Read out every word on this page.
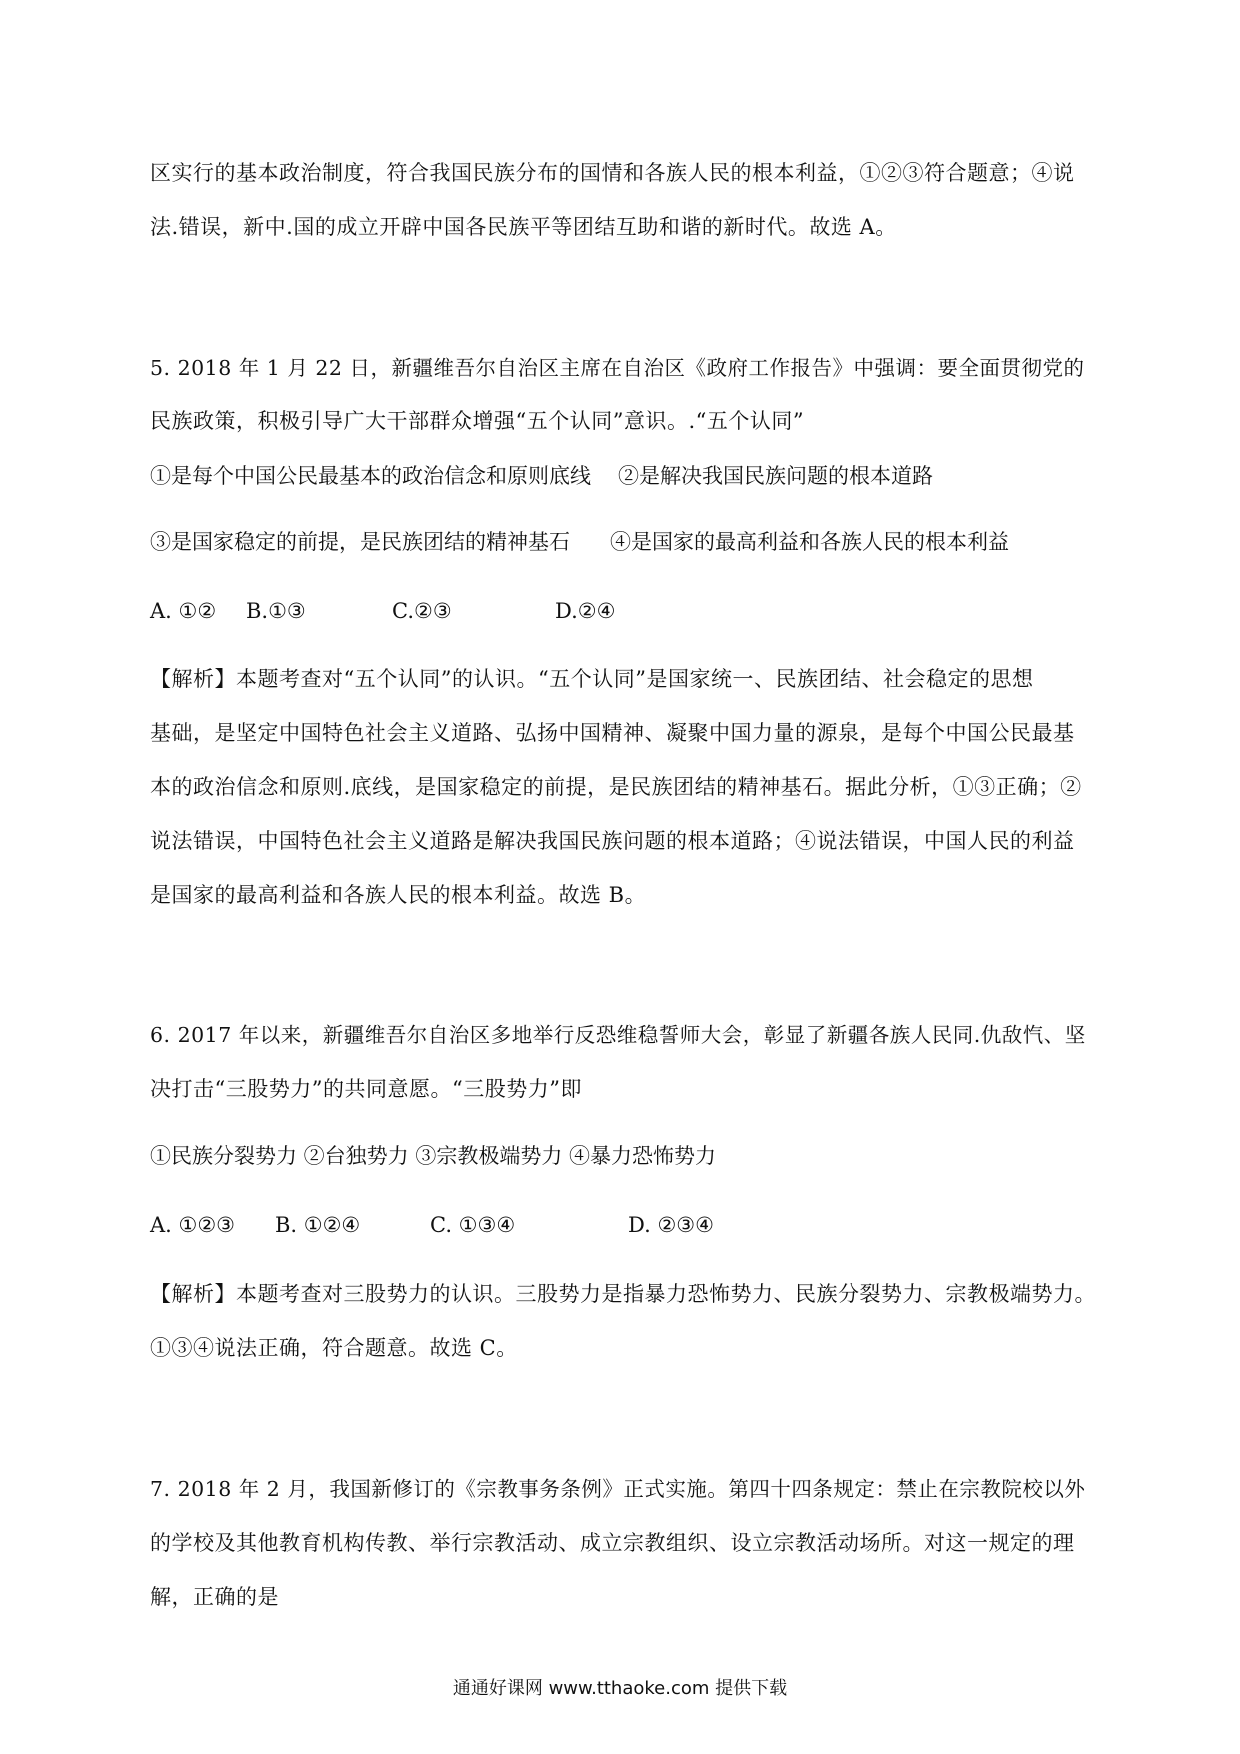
区实行的基本政治制度，符合我国民族分布的国情和各族人民的根本利益，①②③符合题意；④说
法.错误，新中.国的成立开辟中国各民族平等团结互助和谐的新时代。故选 A。
5. 2018 年 1 月 22 日，新疆维吾尔自治区主席在自治区《政府工作报告》中强调：要全面贯彻党的
民族政策，积极引导广大干部群众增强“五个认同”意识。.“五个认同”
①是每个中国公民最基本的政治信念和原则底线 ②是解决我国民族问题的根本道路
③是国家稳定的前提，是民族团结的精神基石 ④是国家的最高利益和各族人民的根本利益
A. ①② B.①③	C.②③	D.②④
【解析】本题考查对“五个认同”的认识。“五个认同”是国家统一、民族团结、社会稳定的思想
基础，是坚定中国特色社会主义道路、弘扬中国精神、凝聚中国力量的源泉，是每个中国公民最基
本的政治信念和原则.底线，是国家稳定的前提，是民族团结的精神基石。据此分析，①③正确；②
说法错误，中国特色社会主义道路是解决我国民族问题的根本道路；④说法错误，中国人民的利益
是国家的最高利益和各族人民的根本利益。故选 B。
6. 2017 年以来，新疆维吾尔自治区多地举行反恐维稳誓师大会，彰显了新疆各族人民同.仇敌忾、坚
决打击“三股势力”的共同意愿。“三股势力”即
①民族分裂势力 ②台独势力 ③宗教极端势力 ④暴力恐怖势力
A. ①②③ B. ①②④	C. ①③④	D. ②③④
【解析】本题考查对三股势力的认识。三股势力是指暴力恐怖势力、民族分裂势力、宗教极端势力。
①③④说法正确，符合题意。故选 C。
7. 2018 年 2 月，我国新修订的《宗教事务条例》正式实施。第四十四条规定：禁止在宗教院校以外
的学校及其他教育机构传教、举行宗教活动、成立宗教组织、设立宗教活动场所。对这一规定的理
解，正确的是
通通好课网 www.tthaoke.com 提供下载
